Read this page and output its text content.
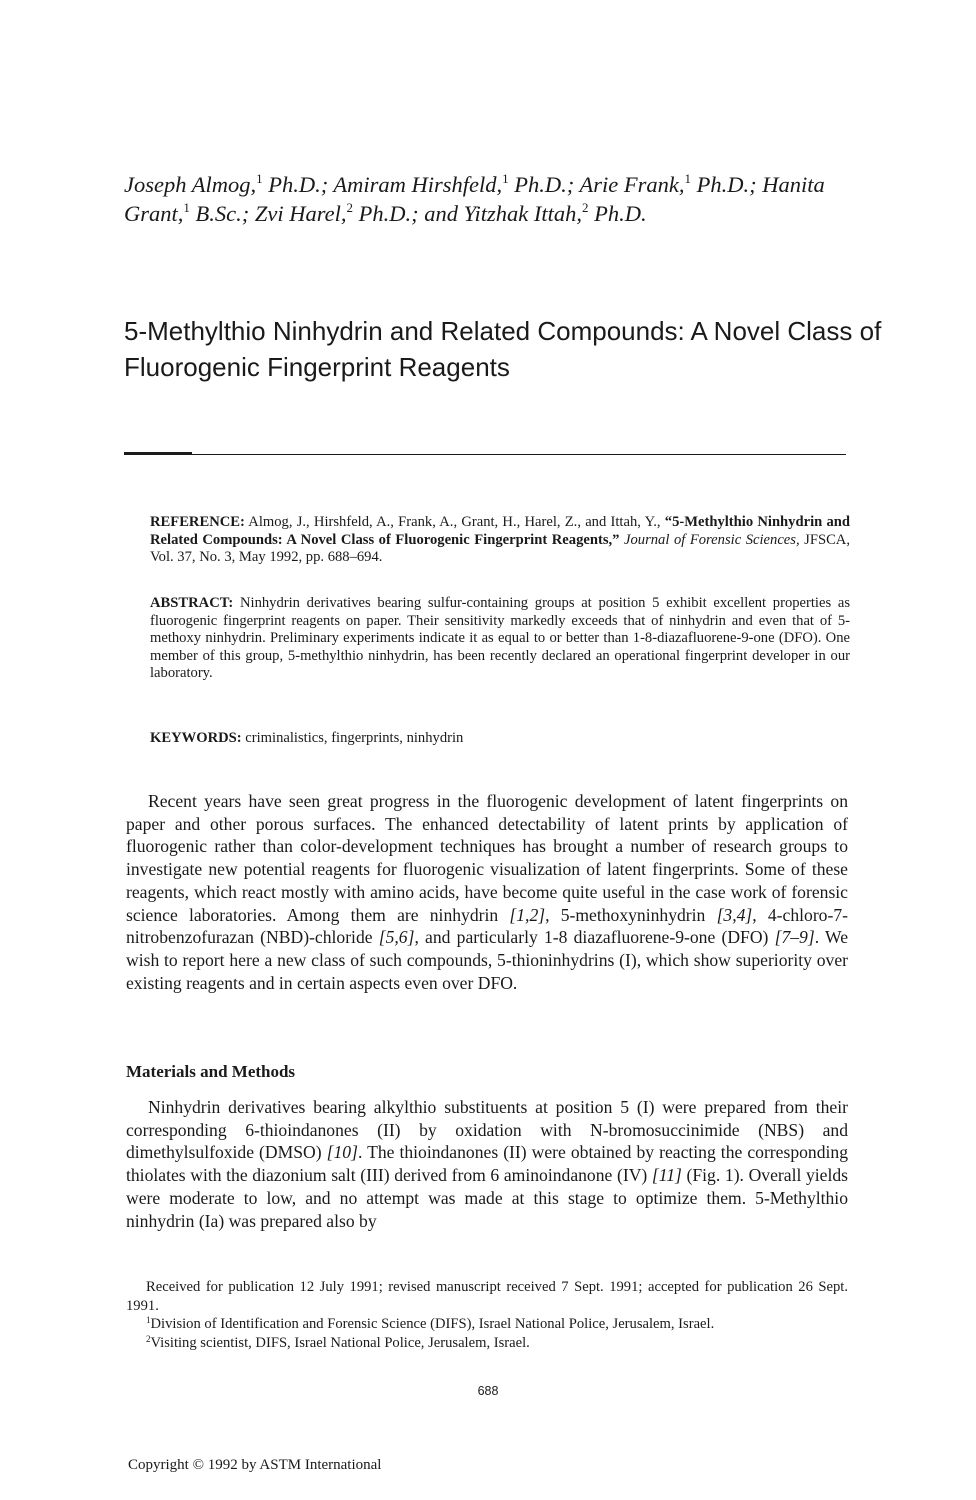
Joseph Almog,$^1$ Ph.D.; Amiram Hirshfeld,$^1$ Ph.D.; Arie Frank,$^1$ Ph.D.; Hanita Grant,$^1$ B.Sc.; Zvi Harel,$^2$ Ph.D.; and Yitzhak Ittah,$^2$ Ph.D.
5-Methylthio Ninhydrin and Related Compounds: A Novel Class of Fluorogenic Fingerprint Reagents
REFERENCE: Almog, J., Hirshfeld, A., Frank, A., Grant, H., Harel, Z., and Ittah, Y., “5-Methylthio Ninhydrin and Related Compounds: A Novel Class of Fluorogenic Fingerprint Reagents,” Journal of Forensic Sciences, JFSCA, Vol. 37, No. 3, May 1992, pp. 688–694.
ABSTRACT: Ninhydrin derivatives bearing sulfur-containing groups at position 5 exhibit excellent properties as fluorogenic fingerprint reagents on paper. Their sensitivity markedly exceeds that of ninhydrin and even that of 5-methoxy ninhydrin. Preliminary experiments indicate it as equal to or better than 1-8-diazafluorene-9-one (DFO). One member of this group, 5-methylthio ninhydrin, has been recently declared an operational fingerprint developer in our laboratory.
KEYWORDS: criminalistics, fingerprints, ninhydrin

Recent years have seen great progress in the fluorogenic development of latent fingerprints on paper and other porous surfaces. The enhanced detectability of latent prints by application of fluorogenic rather than color-development techniques has brought a number of research groups to investigate new potential reagents for fluorogenic visualization of latent fingerprints. Some of these reagents, which react mostly with amino acids, have become quite useful in the case work of forensic science laboratories. Among them are ninhydrin [1,2], 5-methoxyninhydrin [3,4], 4-chloro-7-nitrobenzofurazan (NBD)-chloride [5,6], and particularly 1-8 diazafluorene-9-one (DFO) [7–9]. We wish to report here a new class of such compounds, 5-thioninhydrins (I), which show superiority over existing reagents and in certain aspects even over DFO.

Materials and Methods

Ninhydrin derivatives bearing alkylthio substituents at position 5 (I) were prepared from their corresponding 6-thioindanones (II) by oxidation with N-bromosuccinimide (NBS) and dimethylsulfoxide (DMSO) [10]. The thioindanones (II) were obtained by reacting the corresponding thiolates with the diazonium salt (III) derived from 6 aminoindanone (IV) [11] (Fig. 1). Overall yields were moderate to low, and no attempt was made at this stage to optimize them. 5-Methylthio ninhydrin (Ia) was prepared also by

Received for publication 12 July 1991; revised manuscript received 7 Sept. 1991; accepted for publication 26 Sept. 1991.
$^1$Division of Identification and Forensic Science (DIFS), Israel National Police, Jerusalem, Israel.
$^2$Visiting scientist, DIFS, Israel National Police, Jerusalem, Israel.
688
Copyright © 1992 by ASTM International
